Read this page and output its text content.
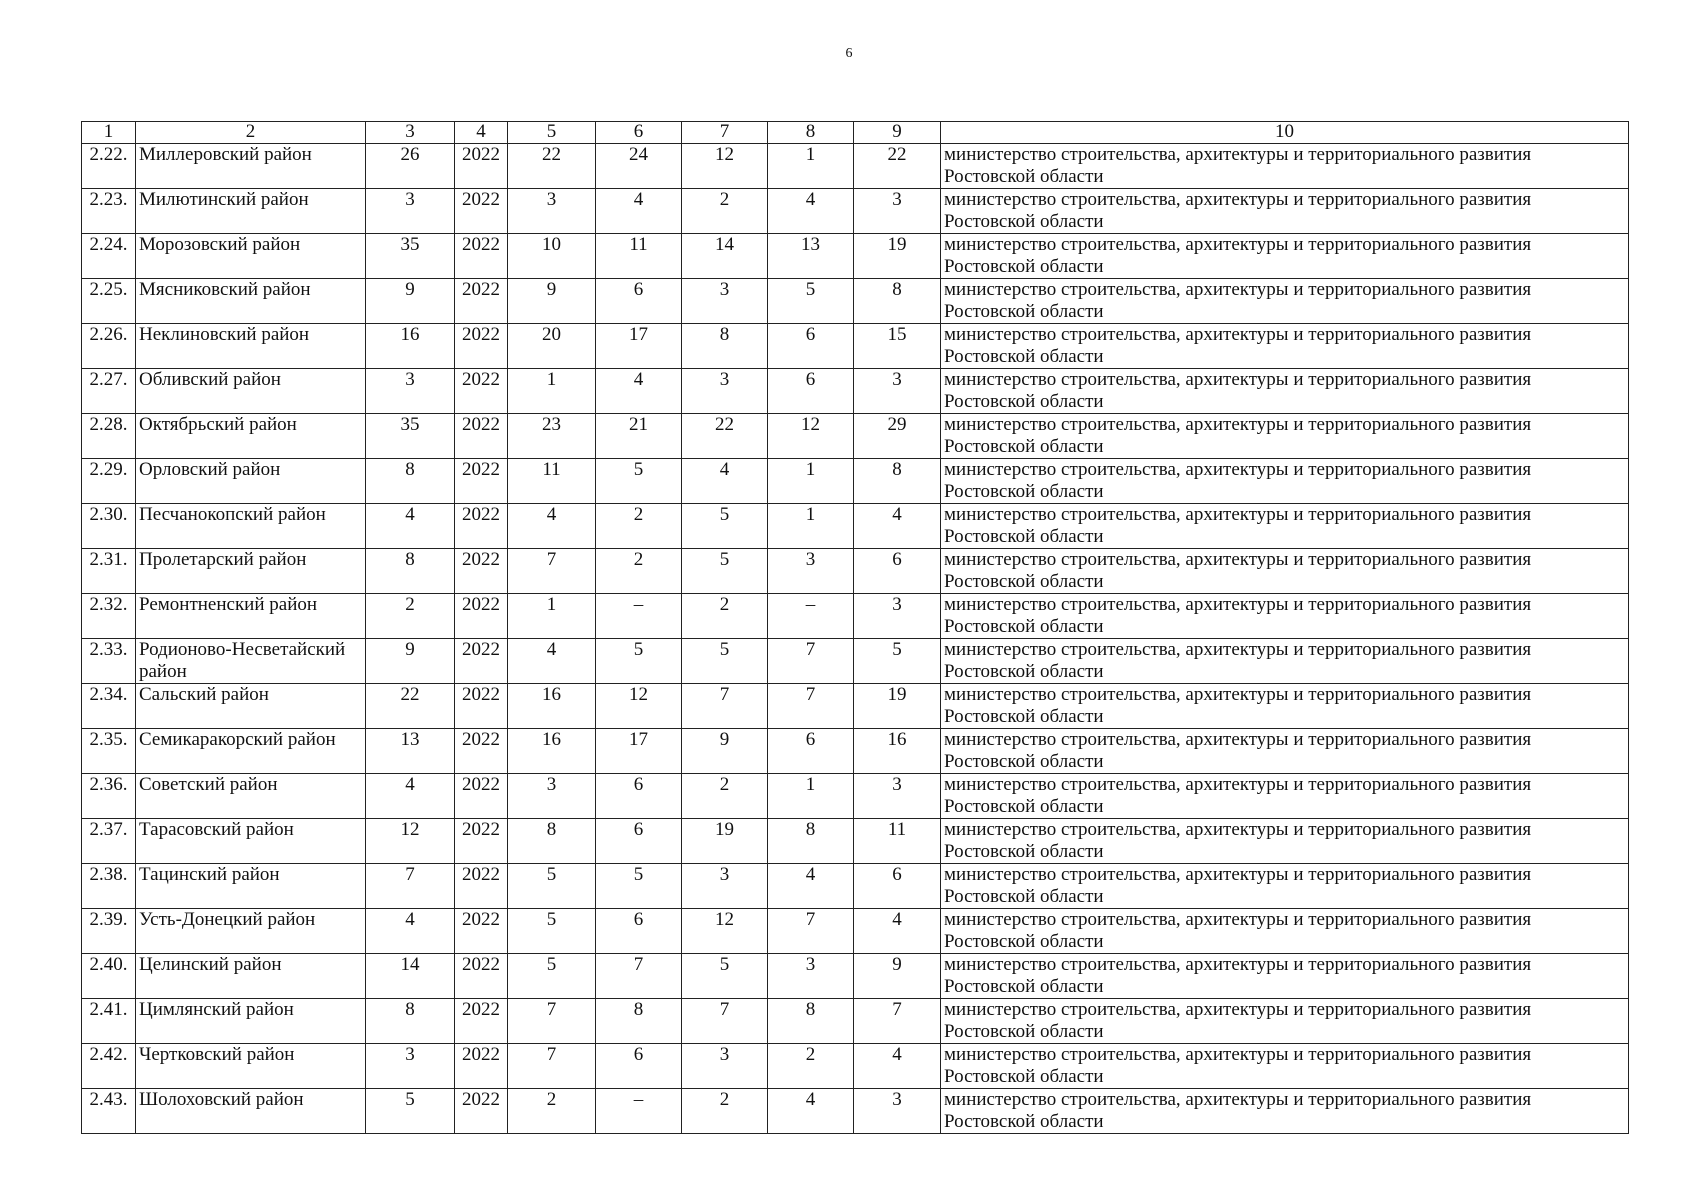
6
1	2	3	4	5	6	7	8	9	10
2.22.	Миллеровский район	26	2022	22	24	12	1	22	министерство строительства, архитектуры и территориального развития Ростовской области
2.23.	Милютинский район	3	2022	3	4	2	4	3	министерство строительства, архитектуры и территориального развития Ростовской области
2.24.	Морозовский район	35	2022	10	11	14	13	19	министерство строительства, архитектуры и территориального развития Ростовской области
2.25.	Мясниковский район	9	2022	9	6	3	5	8	министерство строительства, архитектуры и территориального развития Ростовской области
2.26.	Неклиновский район	16	2022	20	17	8	6	15	министерство строительства, архитектуры и территориального развития Ростовской области
2.27.	Обливский район	3	2022	1	4	3	6	3	министерство строительства, архитектуры и территориального развития Ростовской области
2.28.	Октябрьский район	35	2022	23	21	22	12	29	министерство строительства, архитектуры и территориального развития Ростовской области
2.29.	Орловский район	8	2022	11	5	4	1	8	министерство строительства, архитектуры и территориального развития Ростовской области
2.30.	Песчанокопский район	4	2022	4	2	5	1	4	министерство строительства, архитектуры и территориального развития Ростовской области
2.31.	Пролетарский район	8	2022	7	2	5	3	6	министерство строительства, архитектуры и территориального развития Ростовской области
2.32.	Ремонтненский район	2	2022	1	–	2	–	3	министерство строительства, архитектуры и территориального развития Ростовской области
2.33.	Родионово-Несветайский район	9	2022	4	5	5	7	5	министерство строительства, архитектуры и территориального развития Ростовской области
2.34.	Сальский район	22	2022	16	12	7	7	19	министерство строительства, архитектуры и территориального развития Ростовской области
2.35.	Семикаракорский район	13	2022	16	17	9	6	16	министерство строительства, архитектуры и территориального развития Ростовской области
2.36.	Советский район	4	2022	3	6	2	1	3	министерство строительства, архитектуры и территориального развития Ростовской области
2.37.	Тарасовский район	12	2022	8	6	19	8	11	министерство строительства, архитектуры и территориального развития Ростовской области
2.38.	Тацинский район	7	2022	5	5	3	4	6	министерство строительства, архитектуры и территориального развития Ростовской области
2.39.	Усть-Донецкий район	4	2022	5	6	12	7	4	министерство строительства, архитектуры и территориального развития Ростовской области
2.40.	Целинский район	14	2022	5	7	5	3	9	министерство строительства, архитектуры и территориального развития Ростовской области
2.41.	Цимлянский район	8	2022	7	8	7	8	7	министерство строительства, архитектуры и территориального развития Ростовской области
2.42.	Чертковский район	3	2022	7	6	3	2	4	министерство строительства, архитектуры и территориального развития Ростовской области
2.43.	Шолоховский район	5	2022	2	–	2	4	3	министерство строительства, архитектуры и территориального развития Ростовской области
